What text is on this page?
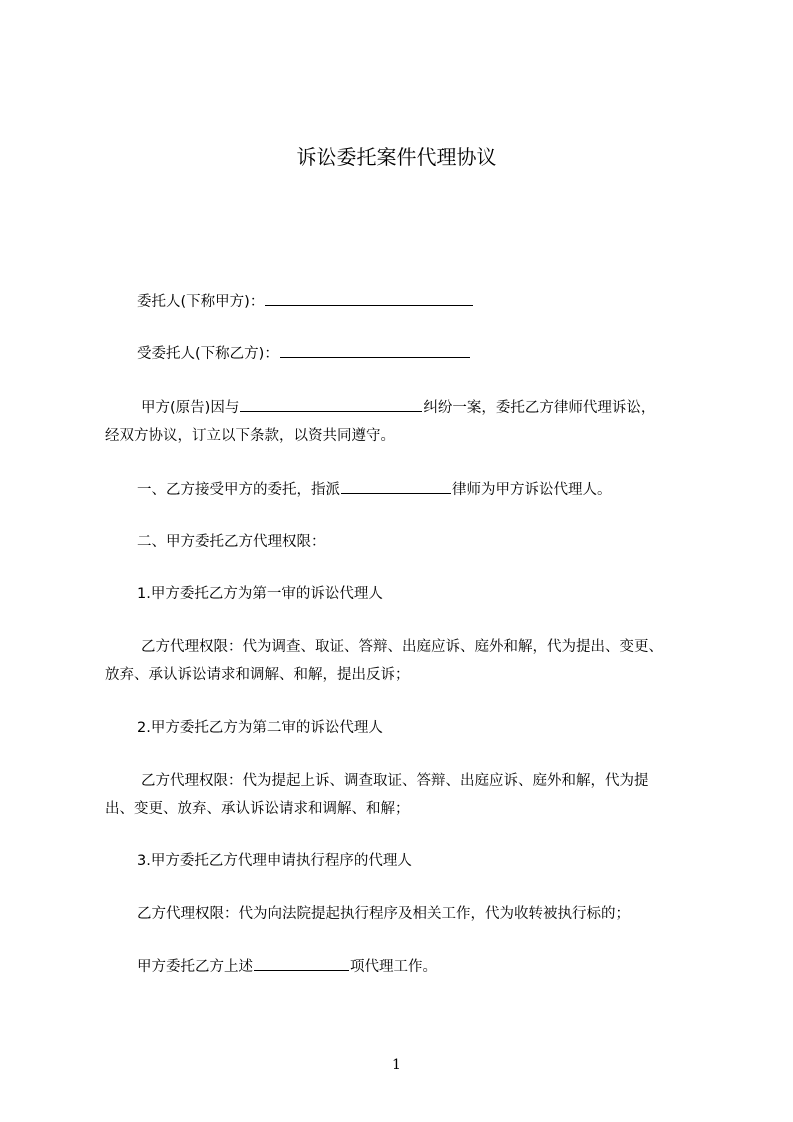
诉讼委托案件代理协议
委托人(下称甲方)：
受委托人(下称乙方)：
甲方(原告)因与	纠纷一案，委托乙方律师代理诉讼，
经双方协议，订立以下条款，以资共同遵守。
一、乙方接受甲方的委托，指派	律师为甲方诉讼代理人。
二、甲方委托乙方代理权限：
1.甲方委托乙方为第一审的诉讼代理人
乙方代理权限：代为调查、取证、答辩、出庭应诉、庭外和解，代为提出、变更、
放弃、承认诉讼请求和调解、和解，提出反诉；
2.甲方委托乙方为第二审的诉讼代理人
乙方代理权限：代为提起上诉、调查取证、答辩、出庭应诉、庭外和解，代为提
出、变更、放弃、承认诉讼请求和调解、和解；
3.甲方委托乙方代理申请执行程序的代理人
乙方代理权限：代为向法院提起执行程序及相关工作，代为收转被执行标的；
甲方委托乙方上述	项代理工作。
1
